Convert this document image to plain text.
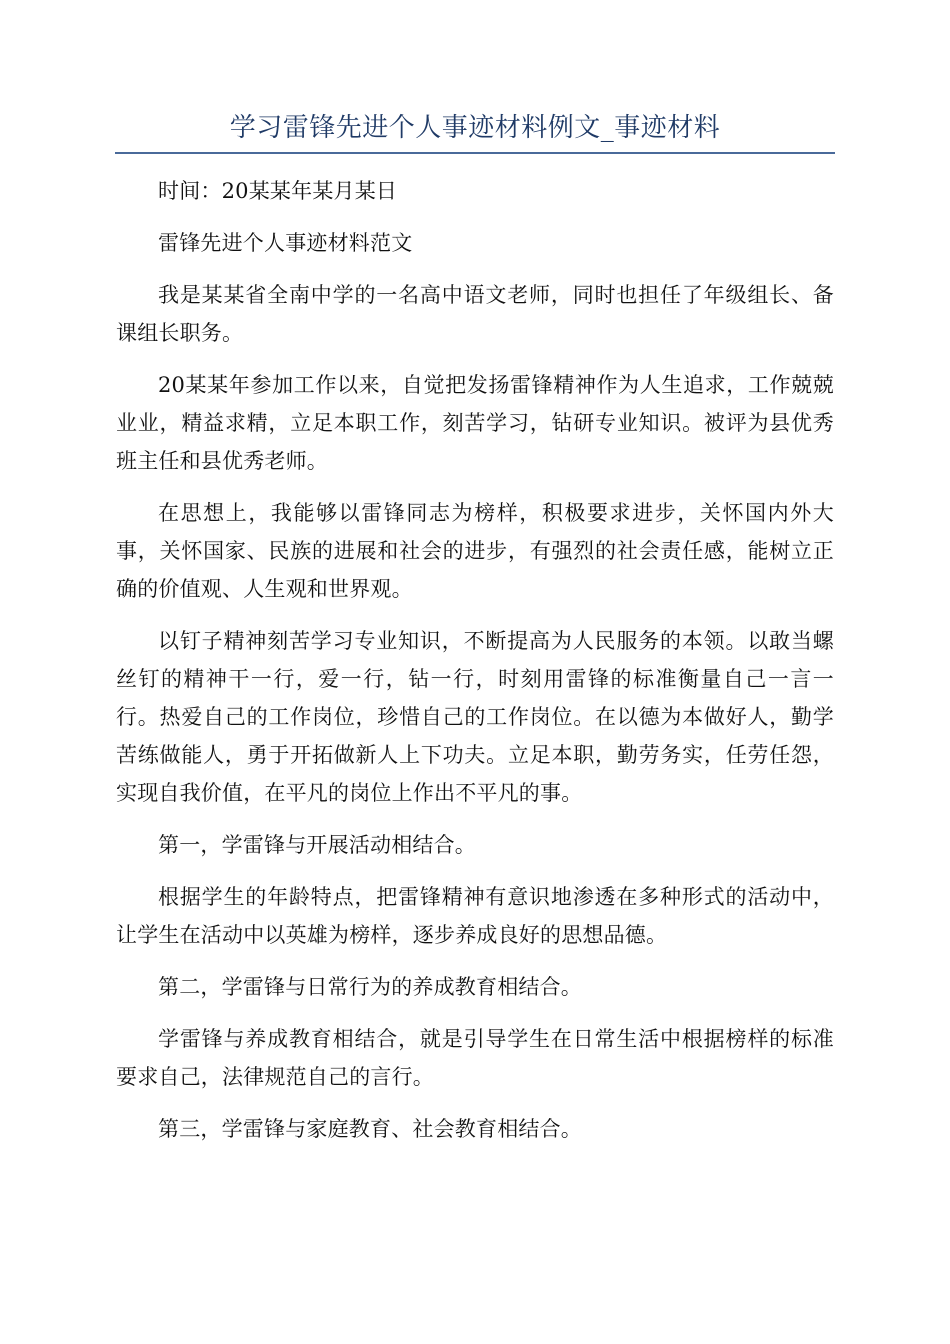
学习雷锋先进个人事迹材料例文_事迹材料

时间：20某某年某月某日

雷锋先进个人事迹材料范文

我是某某省全南中学的一名高中语文老师，同时也担任了年级组长、备课组长职务。

20某某年参加工作以来，自觉把发扬雷锋精神作为人生追求，工作兢兢业业，精益求精，立足本职工作，刻苦学习，钻研专业知识。被评为县优秀班主任和县优秀老师。

在思想上，我能够以雷锋同志为榜样，积极要求进步，关怀国内外大事，关怀国家、民族的进展和社会的进步，有强烈的社会责任感，能树立正确的价值观、人生观和世界观。

以钉子精神刻苦学习专业知识，不断提高为人民服务的本领。以敢当螺丝钉的精神干一行，爱一行，钻一行，时刻用雷锋的标准衡量自己一言一行。热爱自己的工作岗位，珍惜自己的工作岗位。在以德为本做好人，勤学苦练做能人，勇于开拓做新人上下功夫。立足本职，勤劳务实，任劳任怨，实现自我价值，在平凡的岗位上作出不平凡的事。

第一，学雷锋与开展活动相结合。

根据学生的年龄特点，把雷锋精神有意识地渗透在多种形式的活动中，让学生在活动中以英雄为榜样，逐步养成良好的思想品德。

第二，学雷锋与日常行为的养成教育相结合。

学雷锋与养成教育相结合，就是引导学生在日常生活中根据榜样的标准要求自己，法律规范自己的言行。

第三，学雷锋与家庭教育、社会教育相结合。
